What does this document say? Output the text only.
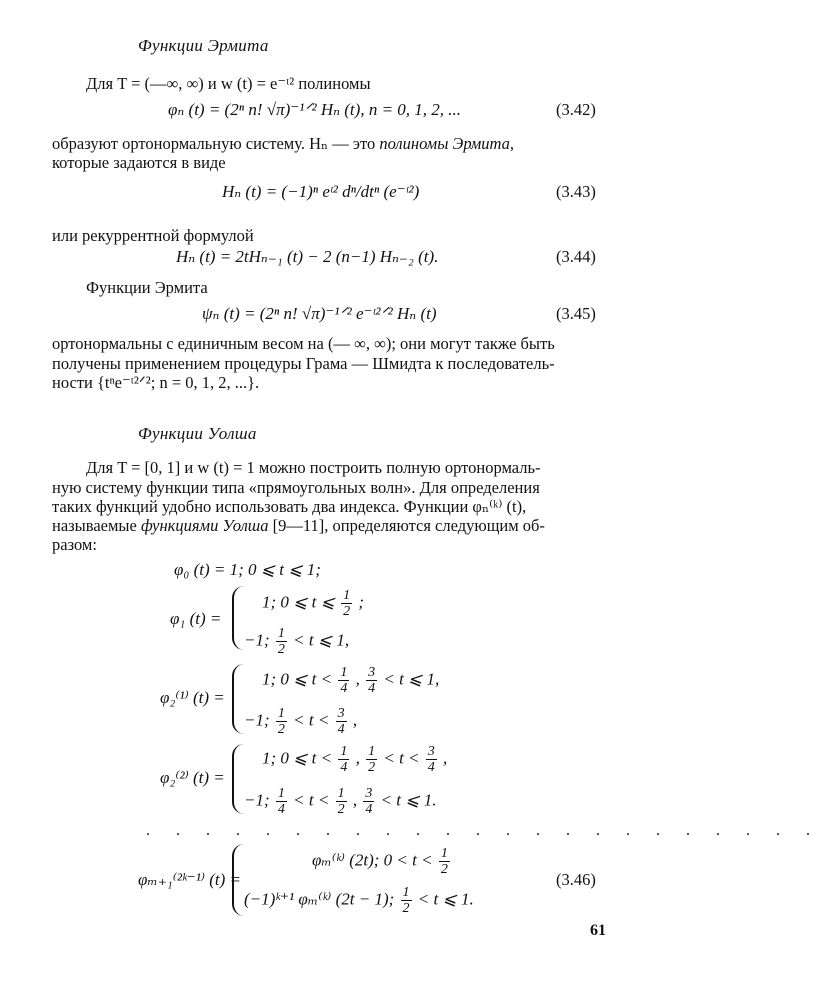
Функции Эрмита
Для T = (—∞, ∞) и w (t) = e⁻ᵗ² полиномы
φₙ (t) = (2ⁿ n! √π)⁻¹ᐟ² Hₙ (t), n = 0, 1, 2, ...	(3.42)
образуют ортонормальную систему. Hₙ — это полиномы Эрмита,
которые задаются в виде
Hₙ (t) = (−1)ⁿ eᵗ² dⁿ/dtⁿ (e⁻ᵗ²)	(3.43)
или рекуррентной формулой
Hₙ (t) = 2tHₙ₋₁ (t) − 2 (n−1) Hₙ₋₂ (t).	(3.44)
Функции Эрмита
ψₙ (t) = (2ⁿ n! √π)⁻¹ᐟ² e⁻ᵗ²ᐟ² Hₙ (t)	(3.45)
ортонормальны с единичным весом на (— ∞, ∞); они могут также быть
получены применением процедуры Грама — Шмидта к последователь-
ности {tⁿe⁻ᵗ²ᐟ²; n = 0, 1, 2, ...}.
Функции Уолша
Для T = [0, 1] и w (t) = 1 можно построить полную ортонормаль-
ную систему функции типа «прямоугольных волн». Для определения
таких функций удобно использовать два индекса. Функции φₙ⁽ᵏ⁾ (t),
называемые функциями Уолша [9—11], определяются следующим об-
разом:
φ₀ (t) = 1; 0 ⩽ t ⩽ 1;
φ₁ (t) =
1; 0 ⩽ t ⩽ $\frac{1}{2}$ ;
−1; $\frac{1}{2} < t$ ⩽ 1,
φ₂⁽¹⁾ (t) =
1; 0 ⩽ $t < \frac{1}{4}$ , $\frac{3}{4} < t$ ⩽ 1,
−1; $\frac{1}{2} < t < \frac{3}{4}$ ,
φ₂⁽²⁾ (t) =
1; 0 ⩽ $t < \frac{1}{4}$ , $\frac{1}{2} < t < \frac{3}{4}$ ,
−1; $\frac{1}{4} < t < \frac{1}{2}$ , $\frac{3}{4} < t$ ⩽ 1.
. . . . . . . . . . . . . . . . . . . . . . .
φₘ₊₁⁽²ᵏ⁻¹⁾ (t) =
φₘ⁽ᵏ⁾ (2t); $0 < t < \frac{1}{2}$
(−1)ᵏ⁺¹ φₘ⁽ᵏ⁾ (2t − 1); $\frac{1}{2} < t$ ⩽ 1.
(3.46)
61
